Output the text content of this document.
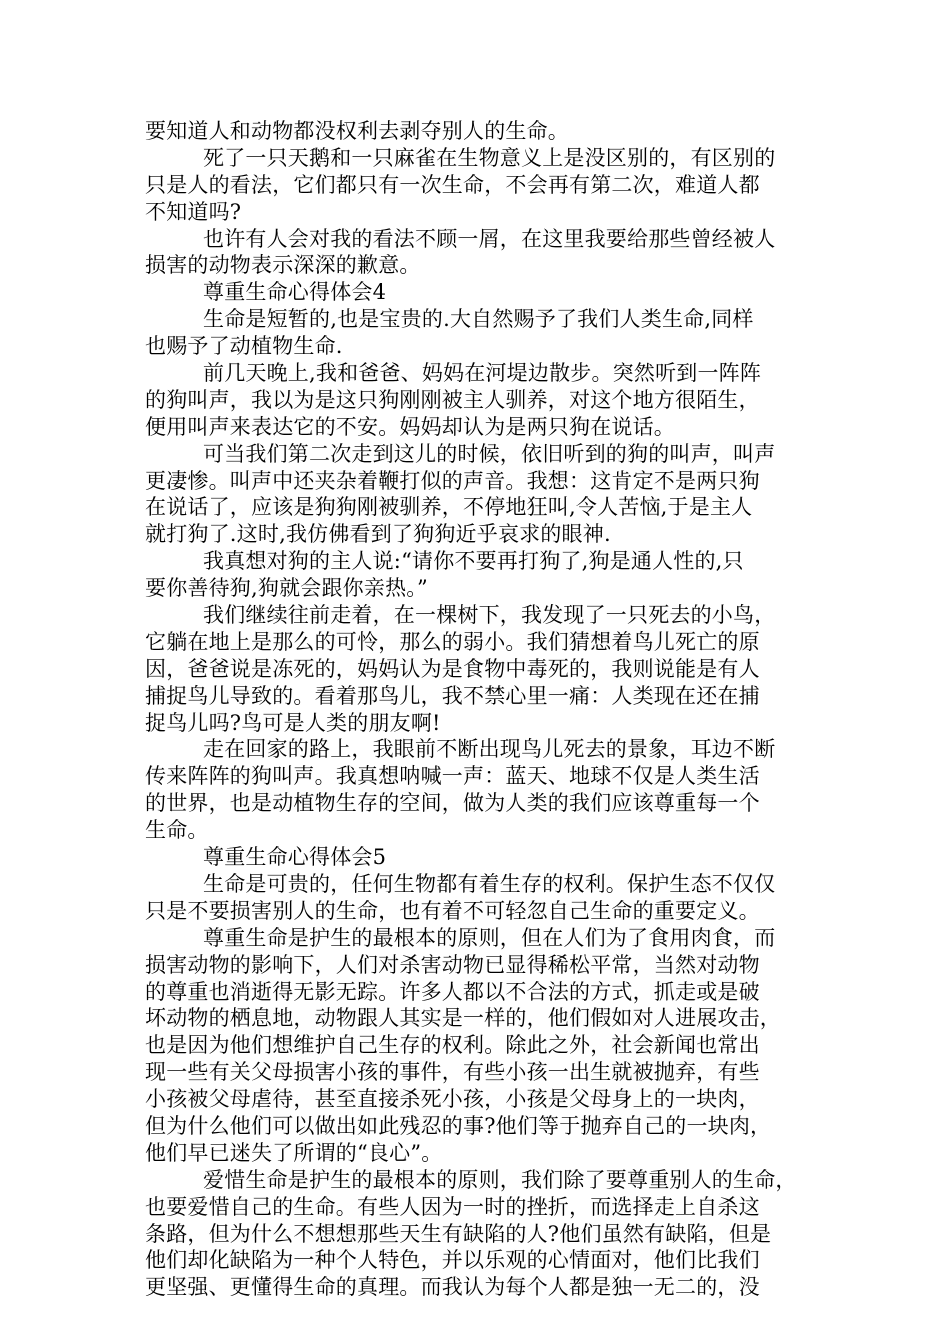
要知道人和动物都没权利去剥夺别人的生命。
死了一只天鹅和一只麻雀在生物意义上是没区别的，有区别的
只是人的看法，它们都只有一次生命，不会再有第二次，难道人都
不知道吗?
也许有人会对我的看法不顾一屑，在这里我要给那些曾经被人
损害的动物表示深深的歉意。
尊重生命心得体会4
生命是短暂的,也是宝贵的.大自然赐予了我们人类生命,同样
也赐予了动植物生命.
前几天晚上,我和爸爸、妈妈在河堤边散步。突然听到一阵阵
的狗叫声，我以为是这只狗刚刚被主人驯养，对这个地方很陌生，
便用叫声来表达它的不安。妈妈却认为是两只狗在说话。
可当我们第二次走到这儿的时候，依旧听到的狗的叫声，叫声
更凄惨。叫声中还夹杂着鞭打似的声音。我想：这肯定不是两只狗
在说话了，应该是狗狗刚被驯养，不停地狂叫,令人苦恼,于是主人
就打狗了.这时,我仿佛看到了狗狗近乎哀求的眼神.
我真想对狗的主人说:“请你不要再打狗了,狗是通人性的,只
要你善待狗,狗就会跟你亲热。”
我们继续往前走着，在一棵树下，我发现了一只死去的小鸟，
它躺在地上是那么的可怜，那么的弱小。我们猜想着鸟儿死亡的原
因，爸爸说是冻死的，妈妈认为是食物中毒死的，我则说能是有人
捕捉鸟儿导致的。看着那鸟儿，我不禁心里一痛：人类现在还在捕
捉鸟儿吗?鸟可是人类的朋友啊!
走在回家的路上，我眼前不断出现鸟儿死去的景象，耳边不断
传来阵阵的狗叫声。我真想呐喊一声：蓝天、地球不仅是人类生活
的世界，也是动植物生存的空间，做为人类的我们应该尊重每一个
生命。
尊重生命心得体会5
生命是可贵的，任何生物都有着生存的权利。保护生态不仅仅
只是不要损害别人的生命，也有着不可轻忽自己生命的重要定义。
尊重生命是护生的最根本的原则，但在人们为了食用肉食，而
损害动物的影响下，人们对杀害动物已显得稀松平常，当然对动物
的尊重也消逝得无影无踪。许多人都以不合法的方式，抓走或是破
坏动物的栖息地，动物跟人其实是一样的，他们假如对人进展攻击，
也是因为他们想维护自己生存的权利。除此之外，社会新闻也常出
现一些有关父母损害小孩的事件，有些小孩一出生就被抛弃，有些
小孩被父母虐待，甚至直接杀死小孩，小孩是父母身上的一块肉，
但为什么他们可以做出如此残忍的事?他们等于抛弃自己的一块肉，
他们早已迷失了所谓的“良心”。
爱惜生命是护生的最根本的原则，我们除了要尊重别人的生命，
也要爱惜自己的生命。有些人因为一时的挫折，而选择走上自杀这
条路，但为什么不想想那些天生有缺陷的人?他们虽然有缺陷，但是
他们却化缺陷为一种个人特色，并以乐观的心情面对，他们比我们
更坚强、更懂得生命的真理。而我认为每个人都是独一无二的，没
